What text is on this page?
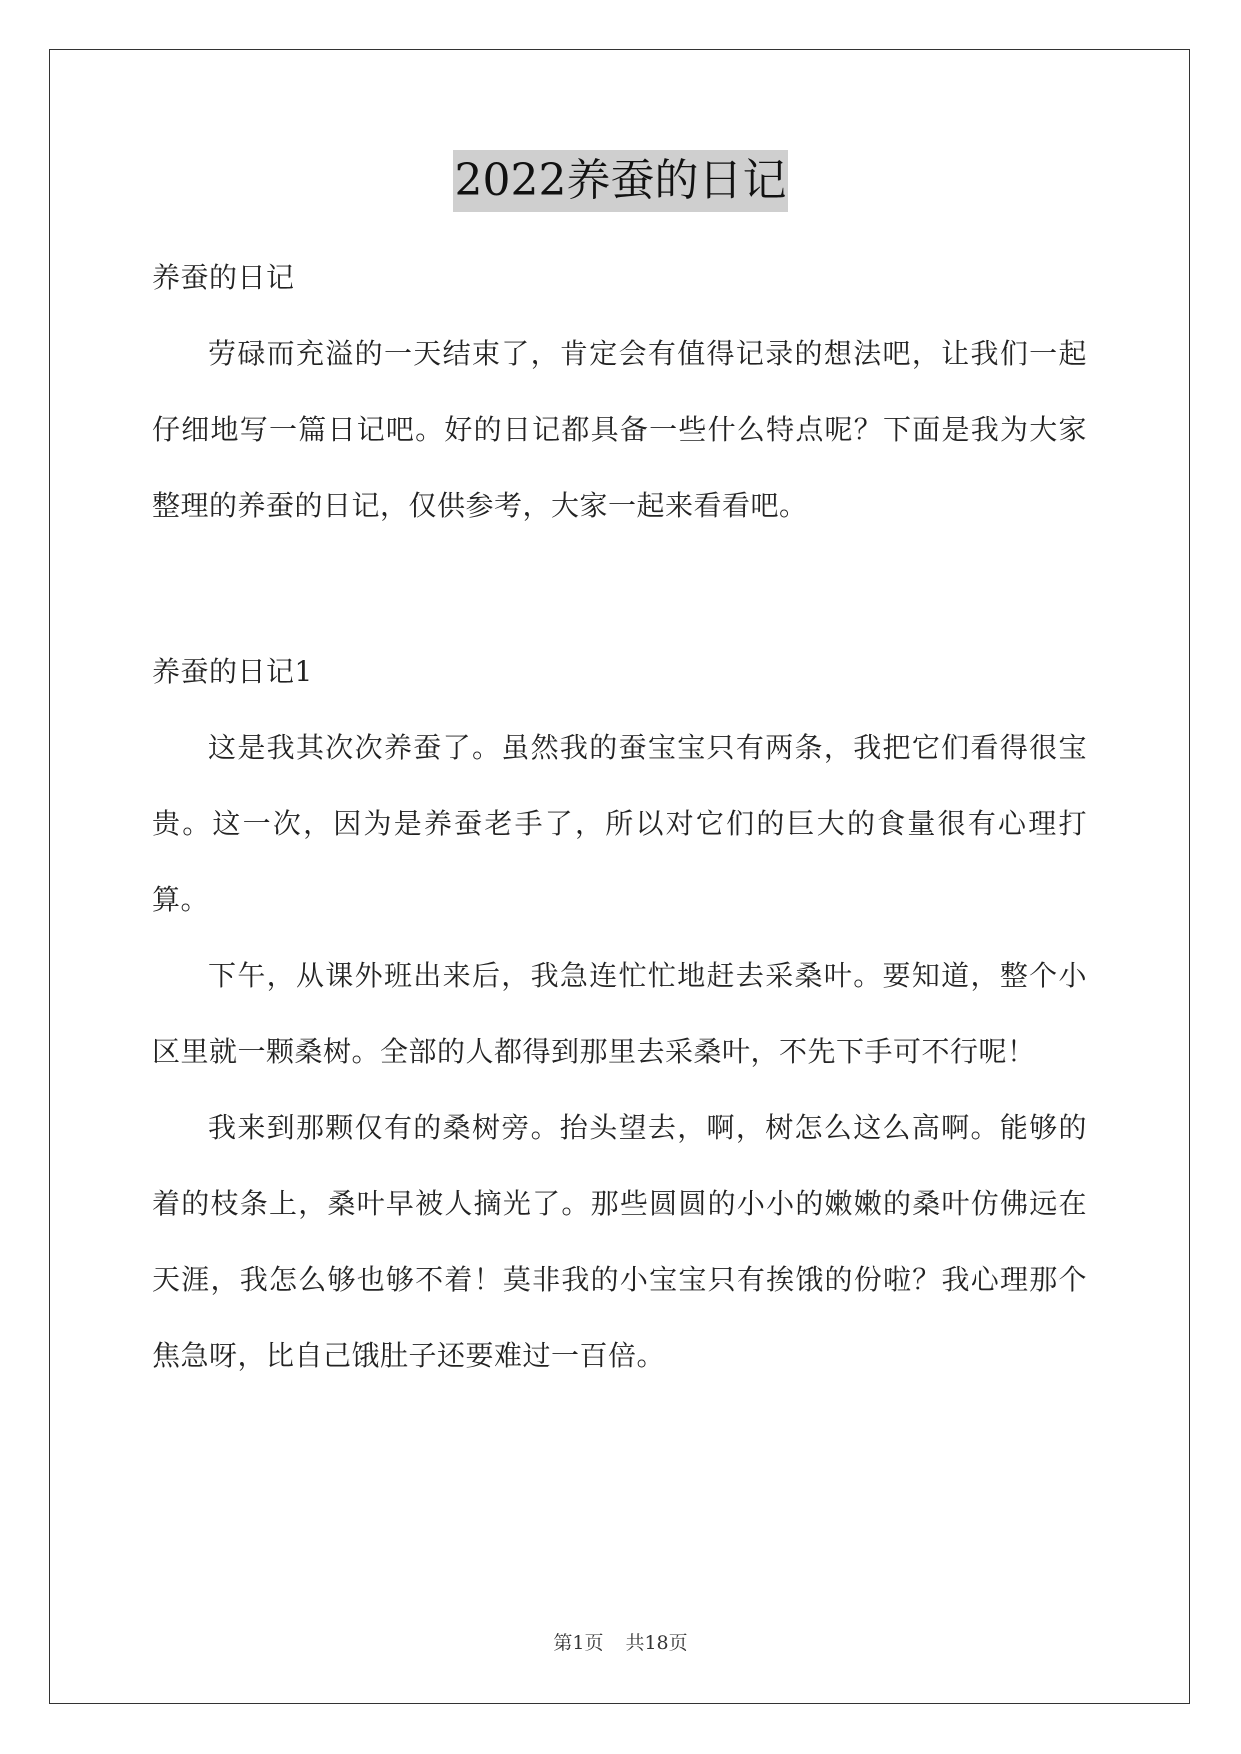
2022养蚕的日记

养蚕的日记

劳碌而充溢的一天结束了，肯定会有值得记录的想法吧，让我们一起仔细地写一篇日记吧。好的日记都具备一些什么特点呢？下面是我为大家整理的养蚕的日记，仅供参考，大家一起来看看吧。

养蚕的日记1

这是我其次次养蚕了。虽然我的蚕宝宝只有两条，我把它们看得很宝贵。这一次，因为是养蚕老手了，所以对它们的巨大的食量很有心理打算。

下午，从课外班出来后，我急连忙忙地赶去采桑叶。要知道，整个小区里就一颗桑树。全部的人都得到那里去采桑叶，不先下手可不行呢！

我来到那颗仅有的桑树旁。抬头望去，啊，树怎么这么高啊。能够的着的枝条上，桑叶早被人摘光了。那些圆圆的小小的嫩嫩的桑叶仿佛远在天涯，我怎么够也够不着！莫非我的小宝宝只有挨饿的份啦？我心理那个焦急呀，比自己饿肚子还要难过一百倍。

第1页 共18页
